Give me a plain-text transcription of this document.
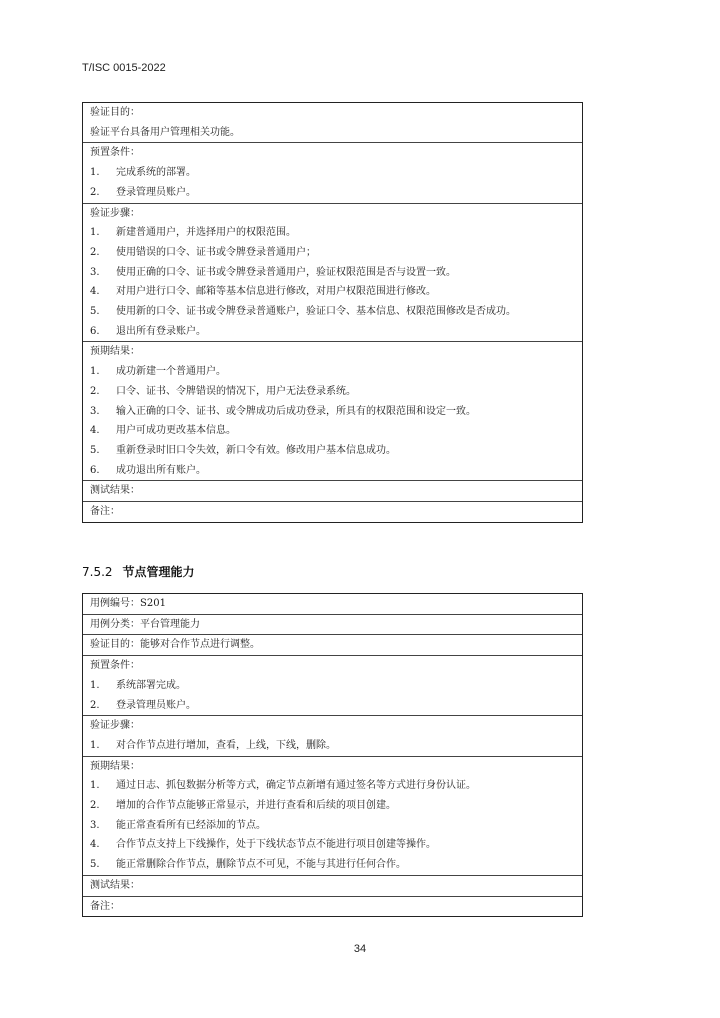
T/ISC 0015-2022
验证目的：
验证平台具备用户管理相关功能。
预置条件：
1. 完成系统的部署。
2. 登录管理员账户。
验证步骤：
1. 新建普通用户，并选择用户的权限范围。
2. 使用错误的口令、证书或令牌登录普通用户；
3. 使用正确的口令、证书或令牌登录普通用户，验证权限范围是否与设置一致。
4. 对用户进行口令、邮箱等基本信息进行修改，对用户权限范围进行修改。
5. 使用新的口令、证书或令牌登录普通账户，验证口令、基本信息、权限范围修改是否成功。
6. 退出所有登录账户。
预期结果：
1. 成功新建一个普通用户。
2. 口令、证书、令牌错误的情况下，用户无法登录系统。
3. 输入正确的口令、证书、或令牌成功后成功登录，所具有的权限范围和设定一致。
4. 用户可成功更改基本信息。
5. 重新登录时旧口令失效，新口令有效。修改用户基本信息成功。
6. 成功退出所有账户。
测试结果：
备注：
7.5.2 节点管理能力
用例编号：S201
用例分类：平台管理能力
验证目的：能够对合作节点进行调整。
预置条件：
1. 系统部署完成。
2. 登录管理员账户。
验证步骤：
1. 对合作节点进行增加，查看，上线，下线，删除。
预期结果：
1. 通过日志、抓包数据分析等方式，确定节点新增有通过签名等方式进行身份认证。
2. 增加的合作节点能够正常显示，并进行查看和后续的项目创建。
3. 能正常查看所有已经添加的节点。
4. 合作节点支持上下线操作，处于下线状态节点不能进行项目创建等操作。
5. 能正常删除合作节点，删除节点不可见，不能与其进行任何合作。
测试结果：
备注：
34
